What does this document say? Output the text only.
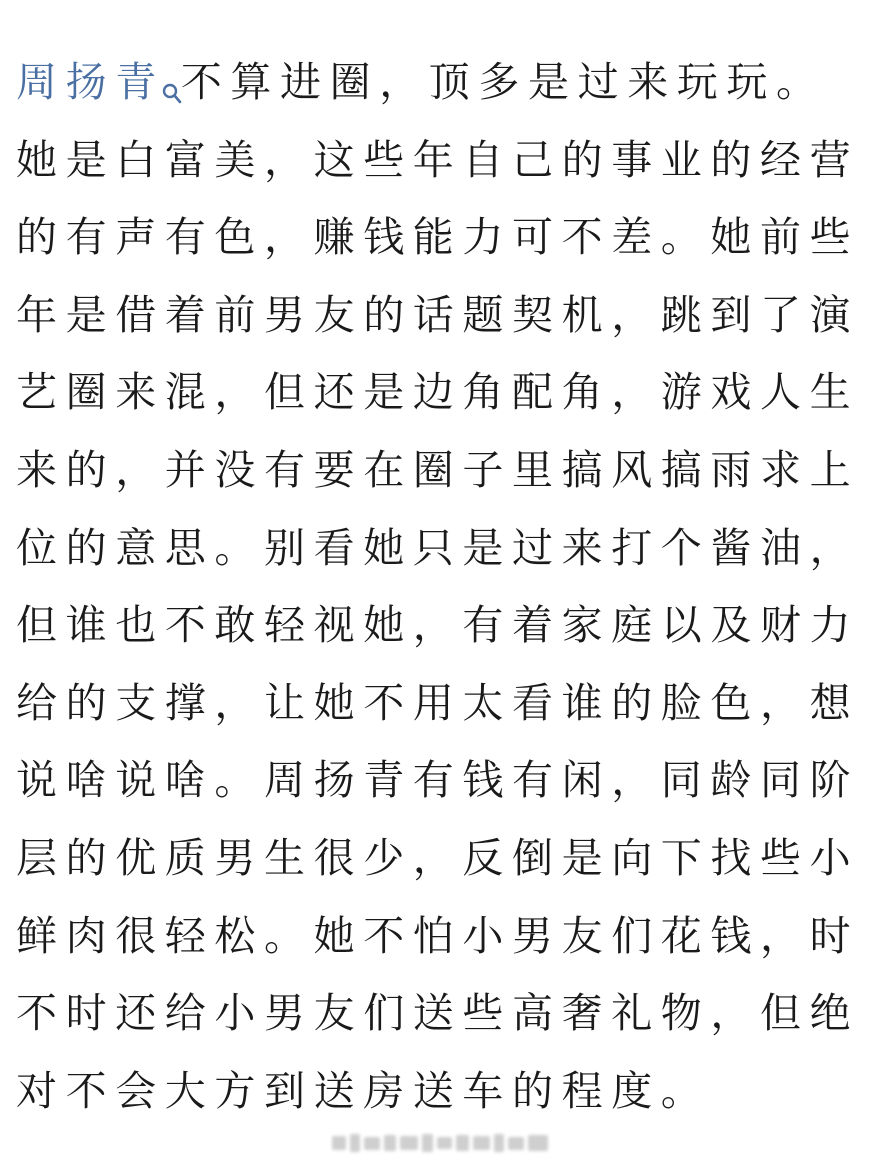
周扬青 不算进圈，顶多是过来玩玩。
她是白富美，这些年自己的事业的经营
的有声有色，赚钱能力可不差。她前些
年是借着前男友的话题契机，跳到了演
艺圈来混，但还是边角配角，游戏人生
来的，并没有要在圈子里搞风搞雨求上
位的意思。别看她只是过来打个酱油，
但谁也不敢轻视她，有着家庭以及财力
给的支撑，让她不用太看谁的脸色，想
说啥说啥。周扬青有钱有闲，同龄同阶
层的优质男生很少，反倒是向下找些小
鲜肉很轻松。她不怕小男友们花钱，时
不时还给小男友们送些高奢礼物，但绝
对不会大方到送房送车的程度。
